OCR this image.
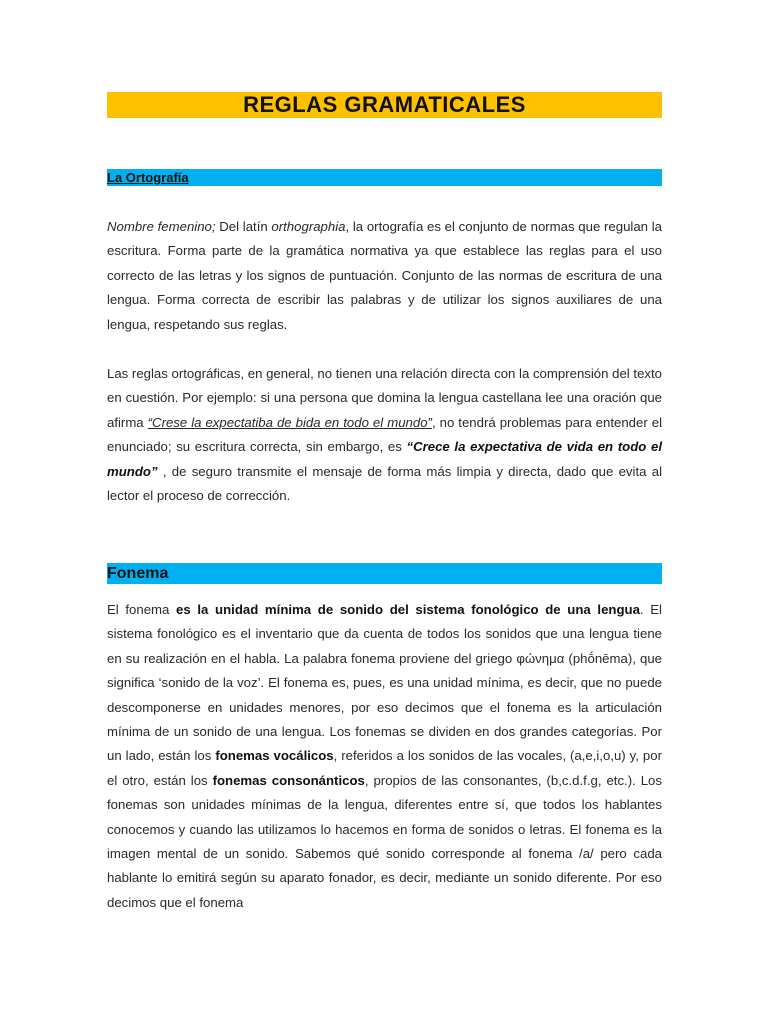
REGLAS GRAMATICALES
La Ortografía
Nombre femenino; Del latín orthographia, la ortografía es el conjunto de normas que regulan la escritura. Forma parte de la gramática normativa ya que establece las reglas para el uso correcto de las letras y los signos de puntuación. Conjunto de las normas de escritura de una lengua. Forma correcta de escribir las palabras y de utilizar los signos auxiliares de una lengua, respetando sus reglas.
Las reglas ortográficas, en general, no tienen una relación directa con la comprensión del texto en cuestión. Por ejemplo: si una persona que domina la lengua castellana lee una oración que afirma “Crese la expectatiba de bida en todo el mundo”, no tendrá problemas para entender el enunciado; su escritura correcta, sin embargo, es “Crece la expectativa de vida en todo el mundo” , de seguro transmite el mensaje de forma más limpia y directa, dado que evita al lector el proceso de corrección.
Fonema
El fonema es la unidad mínima de sonido del sistema fonológico de una lengua. El sistema fonológico es el inventario que da cuenta de todos los sonidos que una lengua tiene en su realización en el habla. La palabra fonema proviene del griego φώνημα (phṓnēma), que significa ‘sonido de la voz’. El fonema es, pues, es una unidad mínima, es decir, que no puede descomponerse en unidades menores, por eso decimos que el fonema es la articulación mínima de un sonido de una lengua. Los fonemas se dividen en dos grandes categorías. Por un lado, están los fonemas vocálicos, referidos a los sonidos de las vocales, (a,e,i,o,u) y, por el otro, están los fonemas consonánticos, propios de las consonantes, (b,c.d.f.g, etc.). Los fonemas son unidades mínimas de la lengua, diferentes entre sí, que todos los hablantes conocemos y cuando las utilizamos lo hacemos en forma de sonidos o letras. El fonema es la imagen mental de un sonido. Sabemos qué sonido corresponde al fonema /a/ pero cada hablante lo emitirá según su aparato fonador, es decir, mediante un sonido diferente. Por eso decimos que el fonema
